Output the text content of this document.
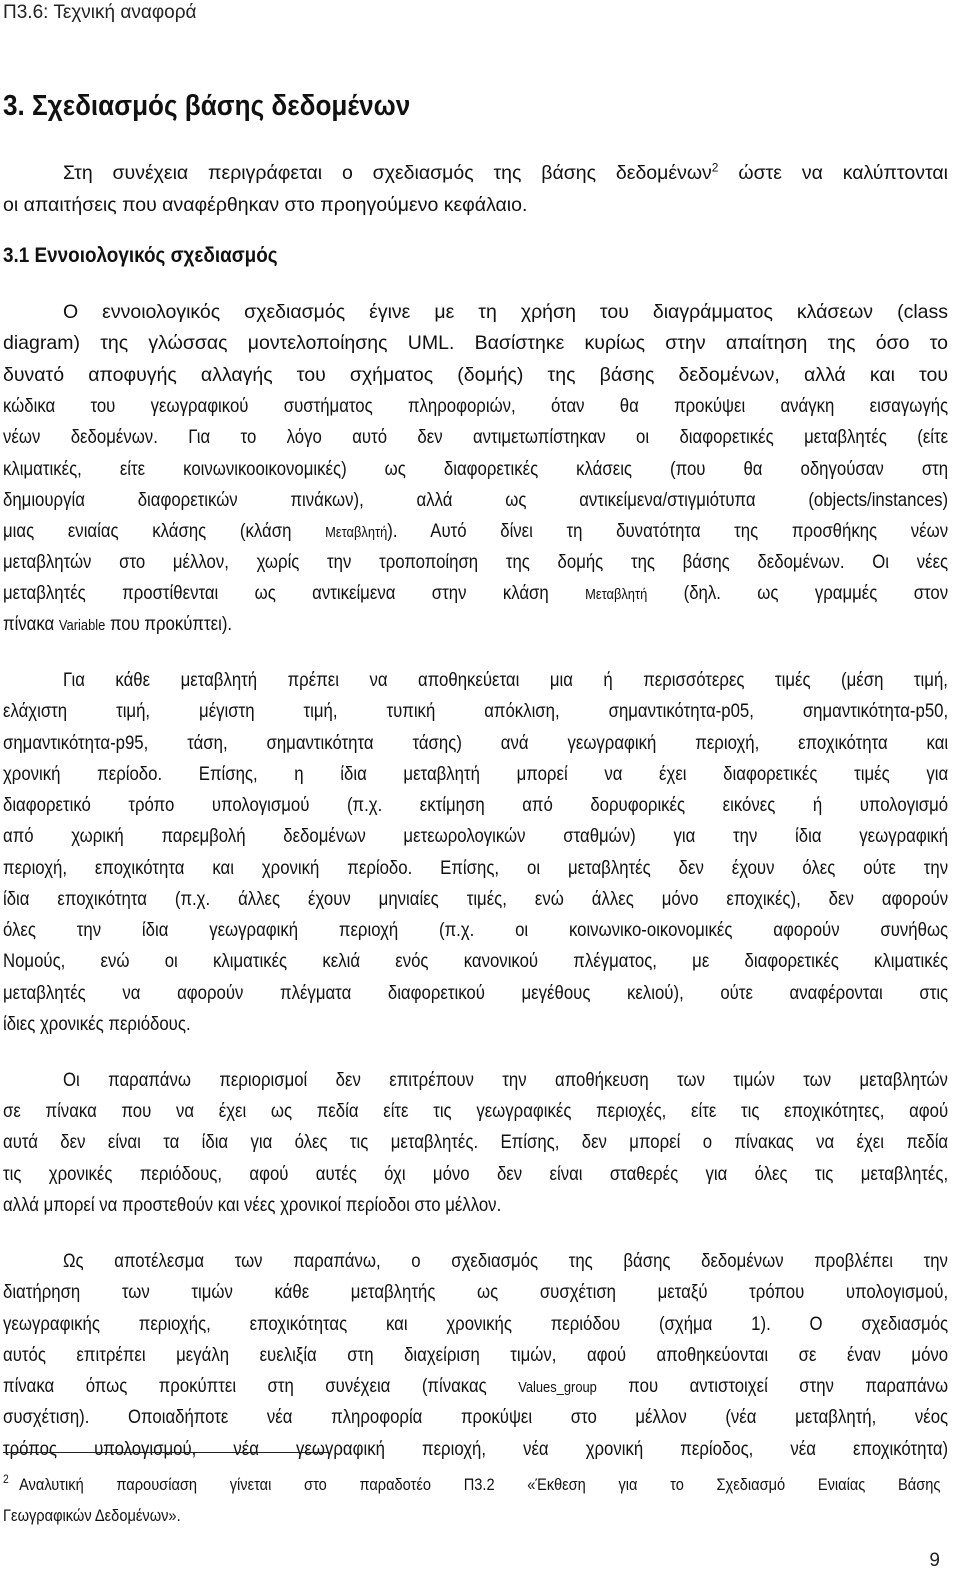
Π3.6: Τεχνική αναφορά
3. Σχεδιασμός βάσης δεδομένων
Στη συνέχεια περιγράφεται ο σχεδιασμός της βάσης δεδομένων$^2$ ώστε να καλύπτονται
οι απαιτήσεις που αναφέρθηκαν στο προηγούμενο κεφάλαιο.
3.1 Εννοιολογικός σχεδιασμός
Ο εννοιολογικός σχεδιασμός έγινε με τη χρήση του διαγράμματος κλάσεων (class
diagram) της γλώσσας μοντελοποίησης UML. Βασίστηκε κυρίως στην απαίτηση της όσο το
δυνατό αποφυγής αλλαγής του σχήματος (δομής) της βάσης δεδομένων, αλλά και του
κώδικα του γεωγραφικού συστήματος πληροφοριών, όταν θα προκύψει ανάγκη εισαγωγής
νέων δεδομένων. Για το λόγο αυτό δεν αντιμετωπίστηκαν οι διαφορετικές μεταβλητές (είτε
κλιματικές, είτε κοινωνικοοικονομικές) ως διαφορετικές κλάσεις (που θα οδηγούσαν στη
δημιουργία διαφορετικών πινάκων), αλλά ως αντικείμενα/στιγμιότυπα (objects/instances)
μιας ενιαίας κλάσης (κλάση Μεταβλητή). Αυτό δίνει τη δυνατότητα της προσθήκης νέων
μεταβλητών στο μέλλον, χωρίς την τροποποίηση της δομής της βάσης δεδομένων. Οι νέες
μεταβλητές προστίθενται ως αντικείμενα στην κλάση Μεταβλητή (δηλ. ως γραμμές στον
πίνακα Variable που προκύπτει).
Για κάθε μεταβλητή πρέπει να αποθηκεύεται μια ή περισσότερες τιμές (μέση τιμή,
ελάχιστη τιμή, μέγιστη τιμή, τυπική απόκλιση, σημαντικότητα-p05, σημαντικότητα-p50,
σημαντικότητα-p95, τάση, σημαντικότητα τάσης) ανά γεωγραφική περιοχή, εποχικότητα και
χρονική περίοδο. Επίσης, η ίδια μεταβλητή μπορεί να έχει διαφορετικές τιμές για
διαφορετικό τρόπο υπολογισμού (π.χ. εκτίμηση από δορυφορικές εικόνες ή υπολογισμό
από χωρική παρεμβολή δεδομένων μετεωρολογικών σταθμών) για την ίδια γεωγραφική
περιοχή, εποχικότητα και χρονική περίοδο. Επίσης, οι μεταβλητές δεν έχουν όλες ούτε την
ίδια εποχικότητα (π.χ. άλλες έχουν μηνιαίες τιμές, ενώ άλλες μόνο εποχικές), δεν αφορούν
όλες την ίδια γεωγραφική περιοχή (π.χ. οι κοινωνικο-οικονομικές αφορούν συνήθως
Νομούς, ενώ οι κλιματικές κελιά ενός κανονικού πλέγματος, με διαφορετικές κλιματικές
μεταβλητές να αφορούν πλέγματα διαφορετικού μεγέθους κελιού), ούτε αναφέρονται στις
ίδιες χρονικές περιόδους.
Οι παραπάνω περιορισμοί δεν επιτρέπουν την αποθήκευση των τιμών των μεταβλητών
σε πίνακα που να έχει ως πεδία είτε τις γεωγραφικές περιοχές, είτε τις εποχικότητες, αφού
αυτά δεν είναι τα ίδια για όλες τις μεταβλητές. Επίσης, δεν μπορεί ο πίνακας να έχει πεδία
τις χρονικές περιόδους, αφού αυτές όχι μόνο δεν είναι σταθερές για όλες τις μεταβλητές,
αλλά μπορεί να προστεθούν και νέες χρονικοί περίοδοι στο μέλλον.
Ως αποτέλεσμα των παραπάνω, ο σχεδιασμός της βάσης δεδομένων προβλέπει την
διατήρηση των τιμών κάθε μεταβλητής ως συσχέτιση μεταξύ τρόπου υπολογισμού,
γεωγραφικής περιοχής, εποχικότητας και χρονικής περιόδου (σχήμα 1). Ο σχεδιασμός
αυτός επιτρέπει μεγάλη ευελιξία στη διαχείριση τιμών, αφού αποθηκεύονται σε έναν μόνο
πίνακα όπως προκύπτει στη συνέχεια (πίνακας Values_group που αντιστοιχεί στην παραπάνω
συσχέτιση). Οποιαδήποτε νέα πληροφορία προκύψει στο μέλλον (νέα μεταβλητή, νέος
τρόπος υπολογισμού, νέα γεωγραφική περιοχή, νέα χρονική περίοδος, νέα εποχικότητα)
$^2$ Αναλυτική παρουσίαση γίνεται στο παραδοτέο Π3.2 «Έκθεση για το Σχεδιασμό Ενιαίας Βάσης
Γεωγραφικών Δεδομένων».
9
